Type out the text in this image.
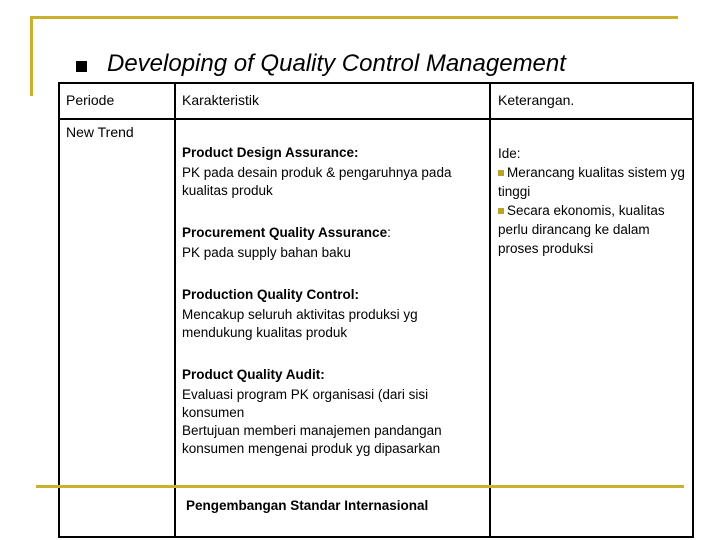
Developing of Quality Control Management
Periode	Karakteristik	Keterangan.
New Trend

Product Design Assurance:

PK pada desain produk & pengaruhnya pada kualitas produk

Procurement Quality Assurance:

PK pada supply bahan baku

Production Quality Control:

Mencakup seluruh aktivitas produksi yg mendukung kualitas produk

Product Quality Audit:

Evaluasi program PK organisasi (dari sisi konsumen

Bertujuan memberi manajemen pandangan konsumen mengenai produk yg dipasarkan

Pengembangan Standar Internasional

Ide:

Merancang kualitas sistem yg tinggi

Secara ekonomis, kualitas perlu dirancang ke dalam proses produksi
